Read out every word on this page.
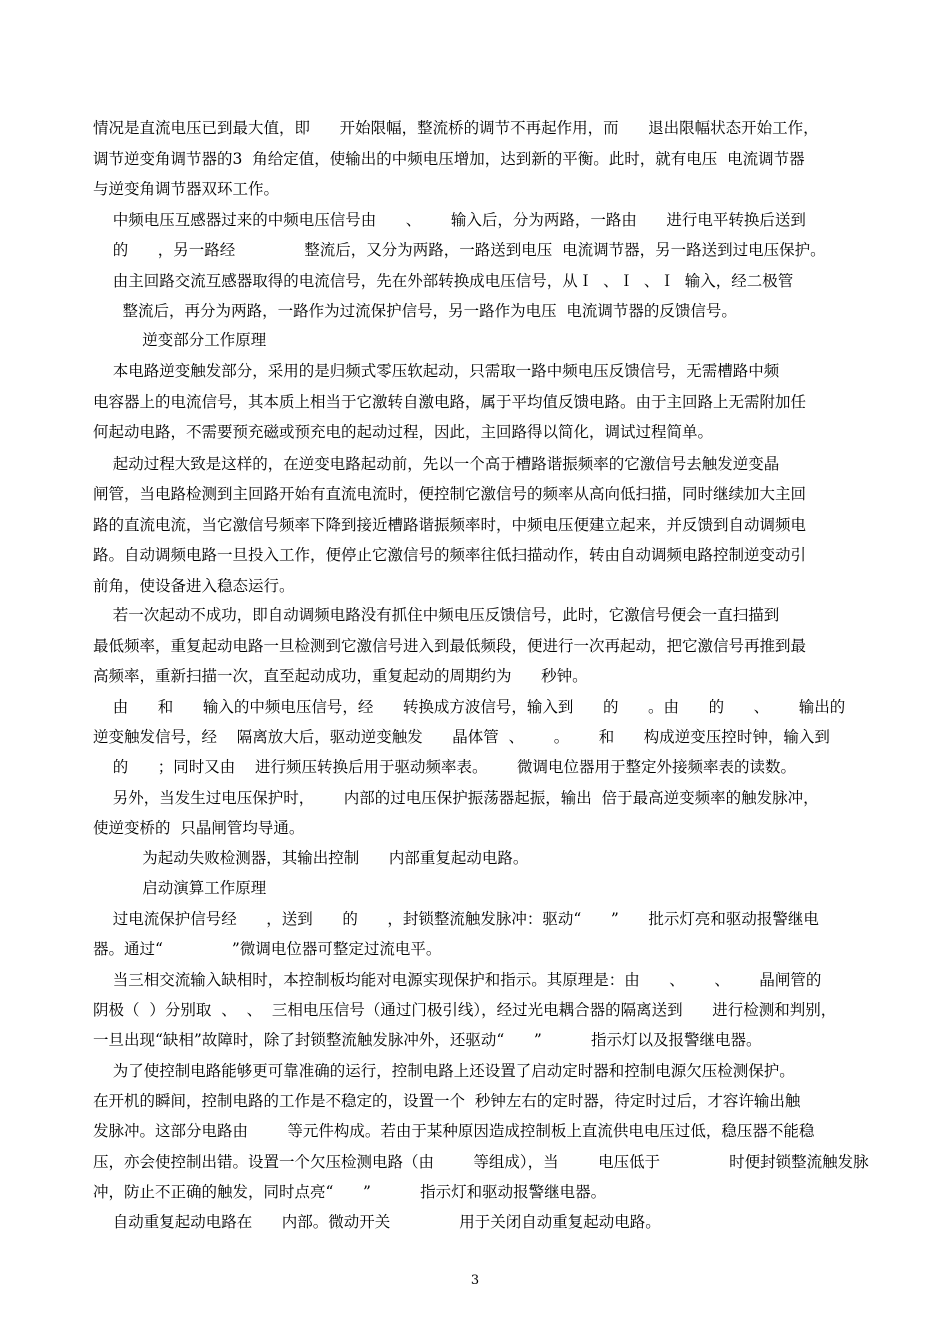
情况是直流电压已到最大值，即      开始限幅，整流桥的调节不再起作用，而      退出限幅状态开始工作，
调节逆变角调节器的3  角给定值，使输出的中频电压增加，达到新的平衡。此时，就有电压  电流调节器
与逆变角调节器双环工作。
中频电压互感器过来的中频电压信号由      、      输入后，分为两路，一路由      进行电平转换后送到
的      ，另一路经              整流后，又分为两路，一路送到电压  电流调节器，另一路送到过电压保护。
由主回路交流互感器取得的电流信号，先在外部转换成电压信号，从Ｉ  、Ｉ  、Ｉ  输入，经二极管
整流后，再分为两路，一路作为过流保护信号，另一路作为电压  电流调节器的反馈信号。
逆变部分工作原理
本电路逆变触发部分，采用的是归频式零压软起动，只需取一路中频电压反馈信号，无需槽路中频
电容器上的电流信号，其本质上相当于它激转自激电路，属于平均值反馈电路。由于主回路上无需附加任
何起动电路，不需要预充磁或预充电的起动过程，因此，主回路得以简化，调试过程简单。
起动过程大致是这样的，在逆变电路起动前，先以一个高于槽路谐振频率的它激信号去触发逆变晶
闸管，当电路检测到主回路开始有直流电流时，便控制它激信号的频率从高向低扫描，同时继续加大主回
路的直流电流，当它激信号频率下降到接近槽路谐振频率时，中频电压便建立起来，并反馈到自动调频电
路。自动调频电路一旦投入工作，便停止它激信号的频率往低扫描动作，转由自动调频电路控制逆变动引
前角，使设备进入稳态运行。
若一次起动不成功，即自动调频电路没有抓住中频电压反馈信号，此时，它激信号便会一直扫描到
最低频率，重复起动电路一旦检测到它激信号进入到最低频段，便进行一次再起动，把它激信号再推到最
高频率，重新扫描一次，直至起动成功，重复起动的周期约为      秒钟。
由      和      输入的中频电压信号，经      转换成方波信号，输入到      的      。由      的      、      输出的
逆变触发信号，经    隔离放大后，驱动逆变触发      晶体管  、      。      和      构成逆变压控时钟，输入到
的      ；同时又由    进行频压转换后用于驱动频率表。      微调电位器用于整定外接频率表的读数。
另外，当发生过电压保护时，      内部的过电压保护振荡器起振，输出  倍于最高逆变频率的触发脉冲，
使逆变桥的  只晶闸管均导通。
为起动失败检测器，其输出控制      内部重复起动电路。
启动演算工作原理
过电流保护信号经      ，送到      的      ，封锁整流触发脉冲：驱动“      ”      批示灯亮和驱动报警继电
器。通过“              ”微调电位器可整定过流电平。
当三相交流输入缺相时，本控制板均能对电源实现保护和指示。其原理是：由      、      、      晶闸管的
阴极（  ）分别取  、  、  三相电压信号（通过门极引线），经过光电耦合器的隔离送到      进行检测和判别，
一旦出现“缺相”故障时，除了封锁整流触发脉冲外，还驱动“      ”          指示灯以及报警继电器。
为了使控制电路能够更可靠准确的运行，控制电路上还设置了启动定时器和控制电源欠压检测保护。
在开机的瞬间，控制电路的工作是不稳定的，设置一个  秒钟左右的定时器，待定时过后，才容许输出触
发脉冲。这部分电路由        等元件构成。若由于某种原因造成控制板上直流供电电压过低，稳压器不能稳
压，亦会使控制出错。设置一个欠压检测电路（由        等组成），当        电压低于              时便封锁整流触发脉
冲，防止不正确的触发，同时点亮“      ”          指示灯和驱动报警继电器。
自动重复起动电路在      内部。微动开关              用于关闭自动重复起动电路。
3
